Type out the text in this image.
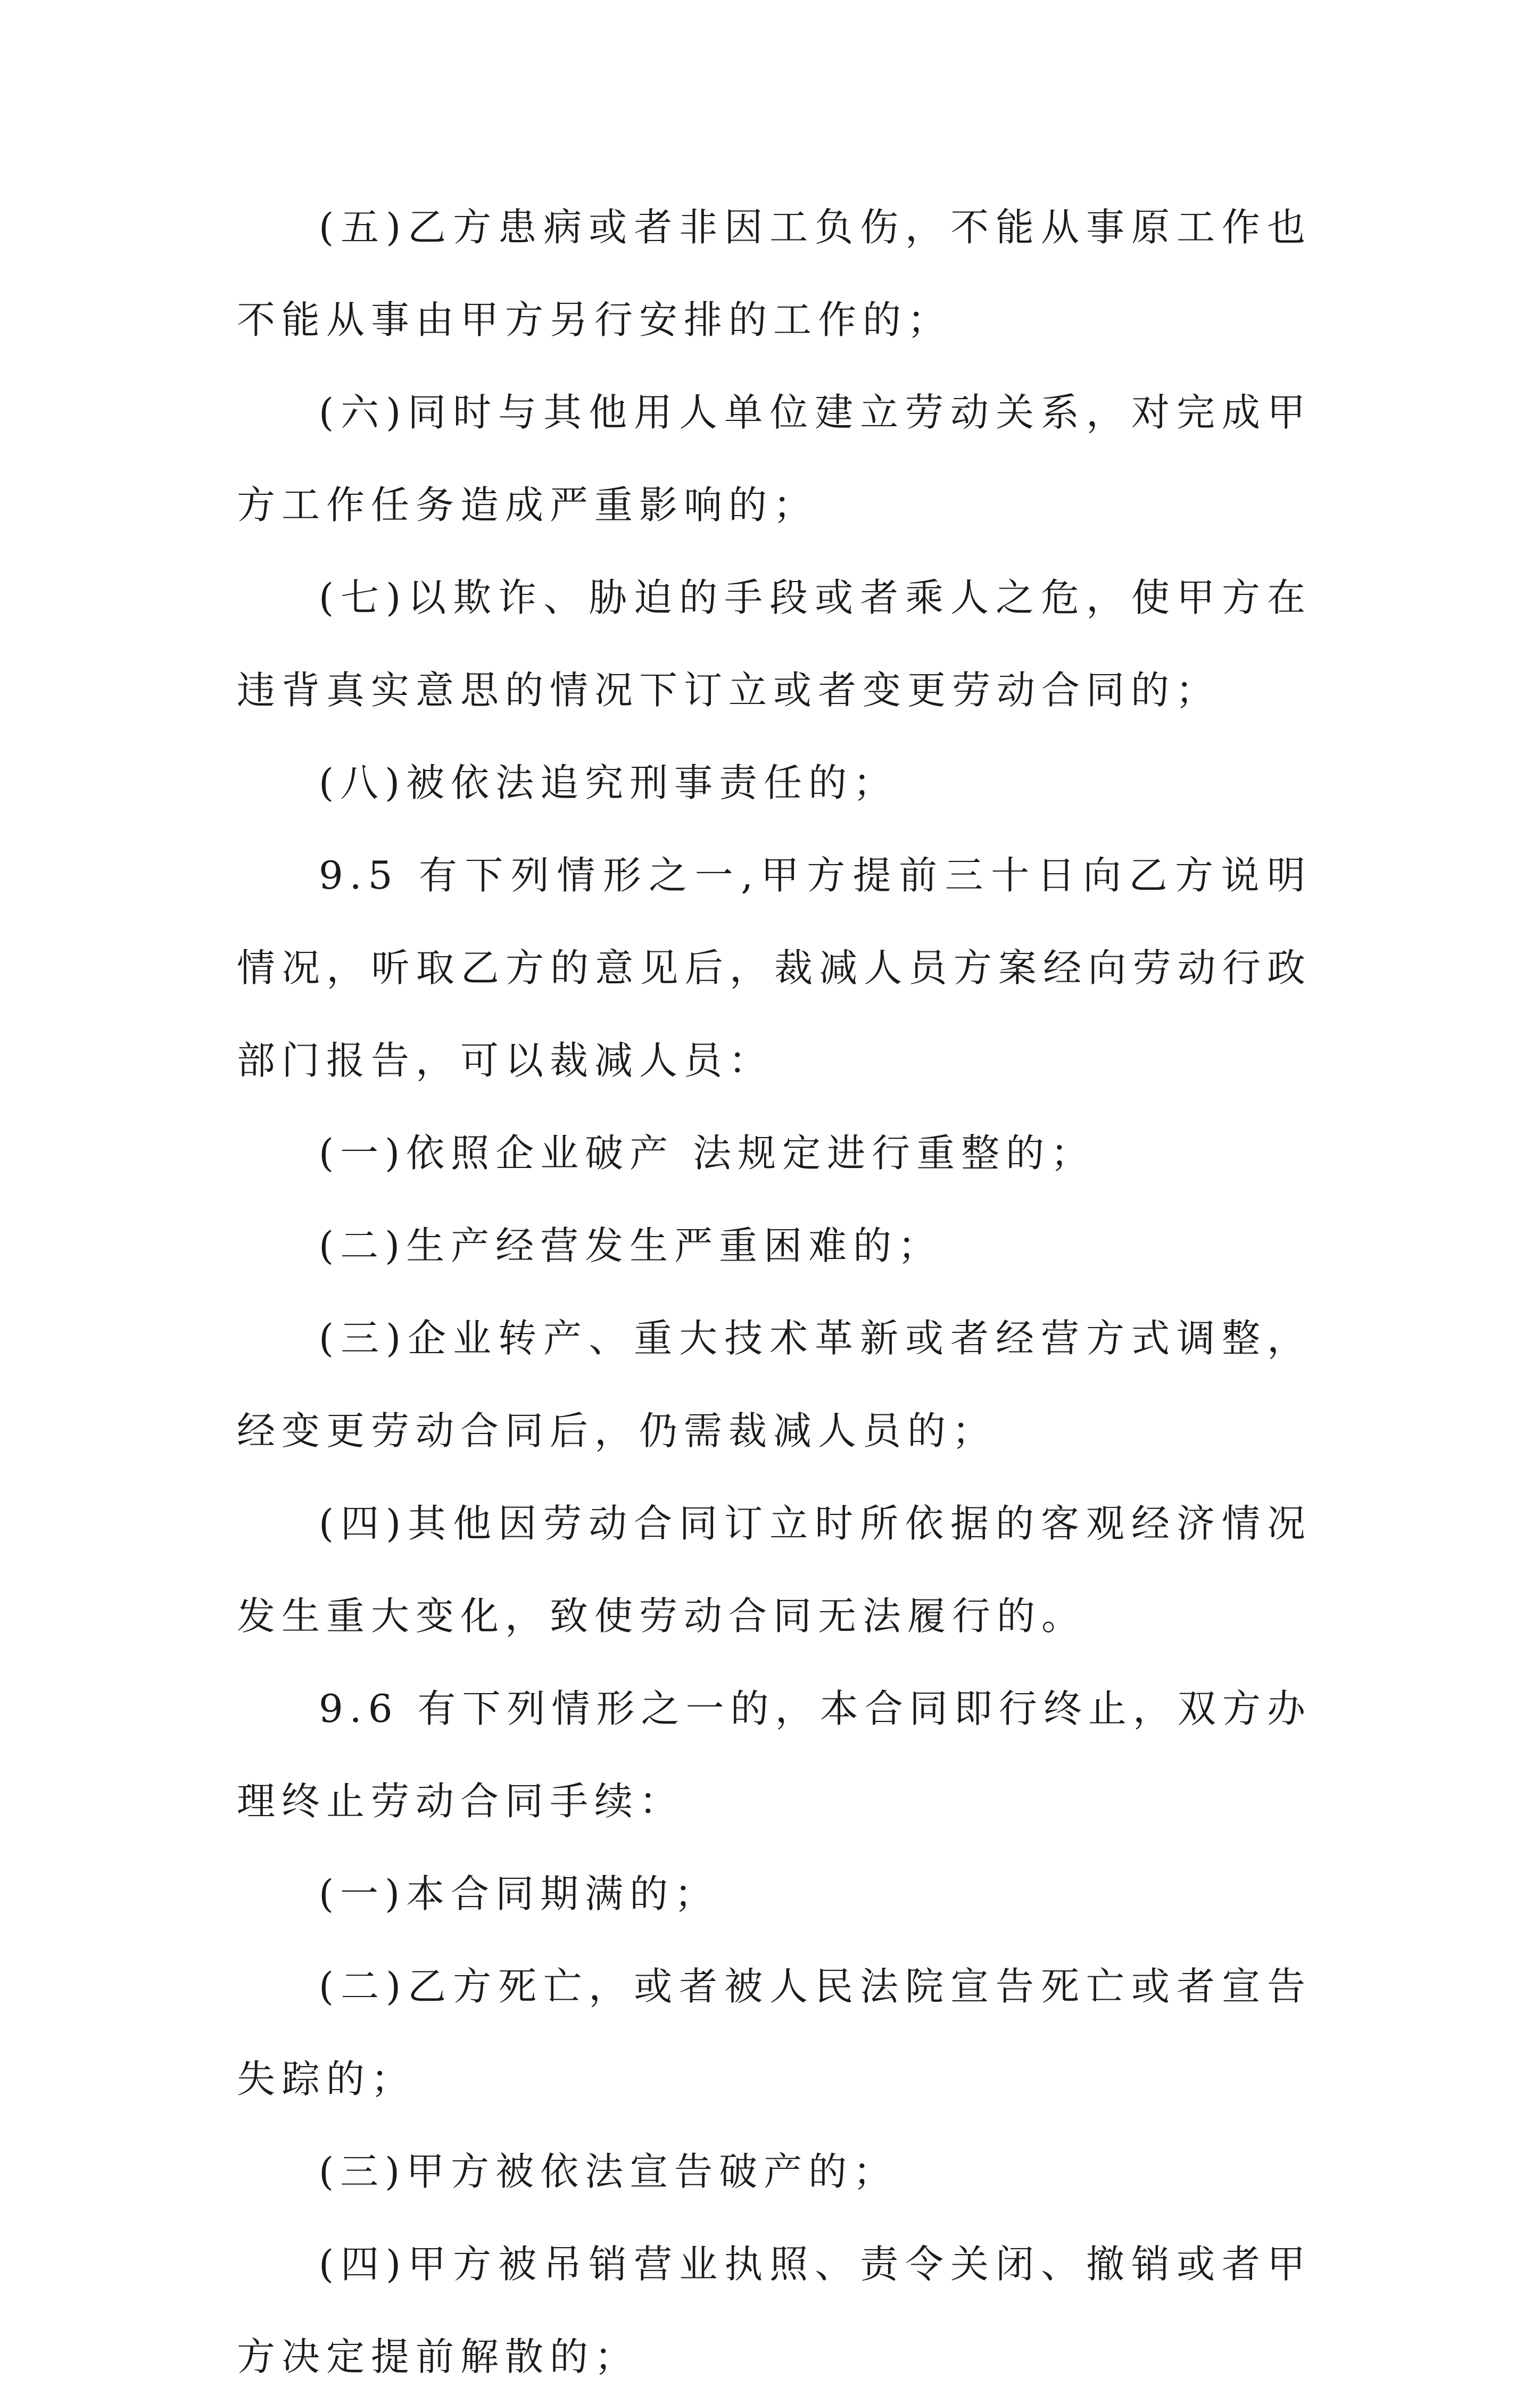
(五)乙方患病或者非因工负伤，不能从事原工作也不能从事由甲方另行安排的工作的；

(六)同时与其他用人单位建立劳动关系，对完成甲方工作任务造成严重影响的；

(七)以欺诈、胁迫的手段或者乘人之危，使甲方在违背真实意思的情况下订立或者变更劳动合同的；

(八)被依法追究刑事责任的；

9.5 有下列情形之一,甲方提前三十日向乙方说明情况，听取乙方的意见后，裁减人员方案经向劳动行政部门报告，可以裁减人员：

(一)依照企业破产 法规定进行重整的；

(二)生产经营发生严重困难的；

(三)企业转产、重大技术革新或者经营方式调整，经变更劳动合同后，仍需裁减人员的；

(四)其他因劳动合同订立时所依据的客观经济情况发生重大变化，致使劳动合同无法履行的。

9.6 有下列情形之一的，本合同即行终止，双方办理终止劳动合同手续：

(一)本合同期满的；

(二)乙方死亡，或者被人民法院宣告死亡或者宣告失踪的；

(三)甲方被依法宣告破产的；

(四)甲方被吊销营业执照、责令关闭、撤销或者甲方决定提前解散的；
